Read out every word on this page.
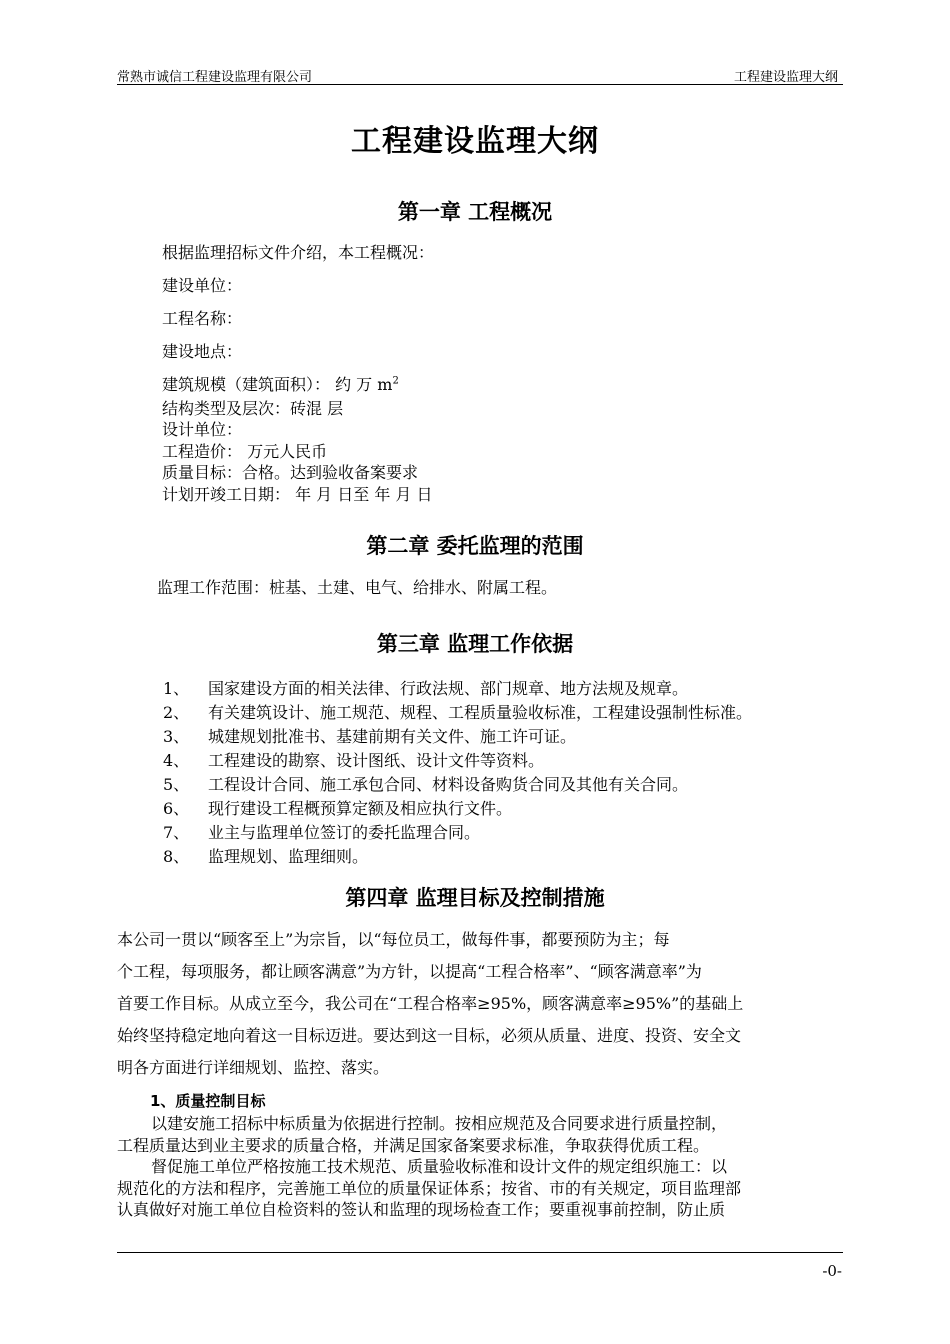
常熟市诚信工程建设监理有限公司	工程建设监理大纲
工程建设监理大纲
第一章 工程概况
根据监理招标文件介绍，本工程概况：
建设单位：
工程名称：
建设地点：
建筑规模（建筑面积）： 约 万 $m^2$
结构类型及层次：砖混 层
设计单位：
工程造价： 万元人民币
质量目标：合格。达到验收备案要求
计划开竣工日期： 年 月 日至 年 月 日
第二章 委托监理的范围
监理工作范围：桩基、土建、电气、给排水、附属工程。
第三章 监理工作依据
1、 国家建设方面的相关法律、行政法规、部门规章、地方法规及规章。
2、 有关建筑设计、施工规范、规程、工程质量验收标准，工程建设强制性标准。
3、 城建规划批准书、基建前期有关文件、施工许可证。
4、 工程建设的勘察、设计图纸、设计文件等资料。
5、 工程设计合同、施工承包合同、材料设备购货合同及其他有关合同。
6、 现行建设工程概预算定额及相应执行文件。
7、 业主与监理单位签订的委托监理合同。
8、 监理规划、监理细则。
第四章 监理目标及控制措施

本公司一贯以“顾客至上”为宗旨，以“每位员工，做每件事，都要预防为主；每

个工程，每项服务，都让顾客满意”为方针，以提高“工程合格率”、“顾客满意率”为

首要工作目标。从成立至今，我公司在“工程合格率≥95%，顾客满意率≥95%”的基础上

始终坚持稳定地向着这一目标迈进。要达到这一目标，必须从质量、进度、投资、安全文

明各方面进行详细规划、监控、落实。

1、质量控制目标

以建安施工招标中标质量为依据进行控制。按相应规范及合同要求进行质量控制，

工程质量达到业主要求的质量合格，并满足国家备案要求标准，争取获得优质工程。

督促施工单位严格按施工技术规范、质量验收标准和设计文件的规定组织施工：以

规范化的方法和程序，完善施工单位的质量保证体系；按省、市的有关规定，项目监理部

认真做好对施工单位自检资料的签认和监理的现场检查工作；要重视事前控制，防止质

-0-
